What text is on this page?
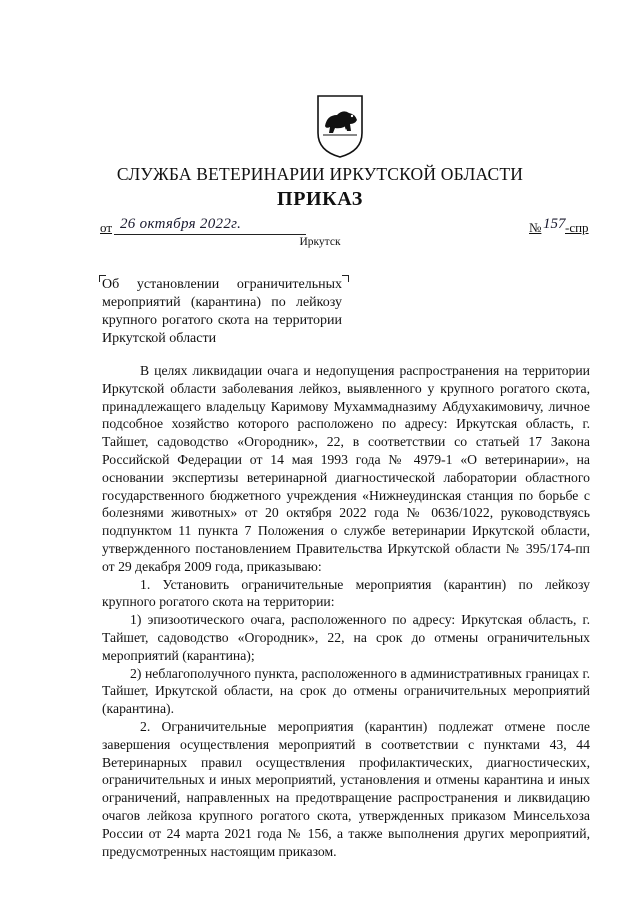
СЛУЖБА ВЕТЕРИНАРИИ ИРКУТСКОЙ ОБЛАСТИ
ПРИКАЗ
от 26 октября 2022г.	№ 157 -спр
Иркутск
Об установлении ограничительных мероприятий (карантина) по лейкозу крупного рогатого скота на территории Иркутской области

В целях ликвидации очага и недопущения распространения на территории Иркутской области заболевания лейкоз, выявленного у крупного рогатого скота, принадлежащего владельцу Каримову Мухаммадназиму Абдухакимовичу, личное подсобное хозяйство которого расположено по адресу: Иркутская область, г. Тайшет, садоводство «Огородник», 22, в соответствии со статьей 17 Закона Российской Федерации от 14 мая 1993 года № 4979-1 «О ветеринарии», на основании экспертизы ветеринарной диагностической лаборатории областного государственного бюджетного учреждения «Нижнеудинская станция по борьбе с болезнями животных» от 20 октября 2022 года № 0636/1022, руководствуясь подпунктом 11 пункта 7 Положения о службе ветеринарии Иркутской области, утвержденного постановлением Правительства Иркутской области № 395/174-пп от 29 декабря 2009 года, приказываю:

1. Установить ограничительные мероприятия (карантин) по лейкозу крупного рогатого скота на территории:

1) эпизоотического очага, расположенного по адресу: Иркутская область, г. Тайшет, садоводство «Огородник», 22, на срок до отмены ограничительных мероприятий (карантина);

2) неблагополучного пункта, расположенного в административных границах г. Тайшет, Иркутской области, на срок до отмены ограничительных мероприятий (карантина).

2. Ограничительные мероприятия (карантин) подлежат отмене после завершения осуществления мероприятий в соответствии с пунктами 43, 44 Ветеринарных правил осуществления профилактических, диагностических, ограничительных и иных мероприятий, установления и отмены карантина и иных ограничений, направленных на предотвращение распространения и ликвидацию очагов лейкоза крупного рогатого скота, утвержденных приказом Минсельхоза России от 24 марта 2021 года № 156, а также выполнения других мероприятий, предусмотренных настоящим приказом.
